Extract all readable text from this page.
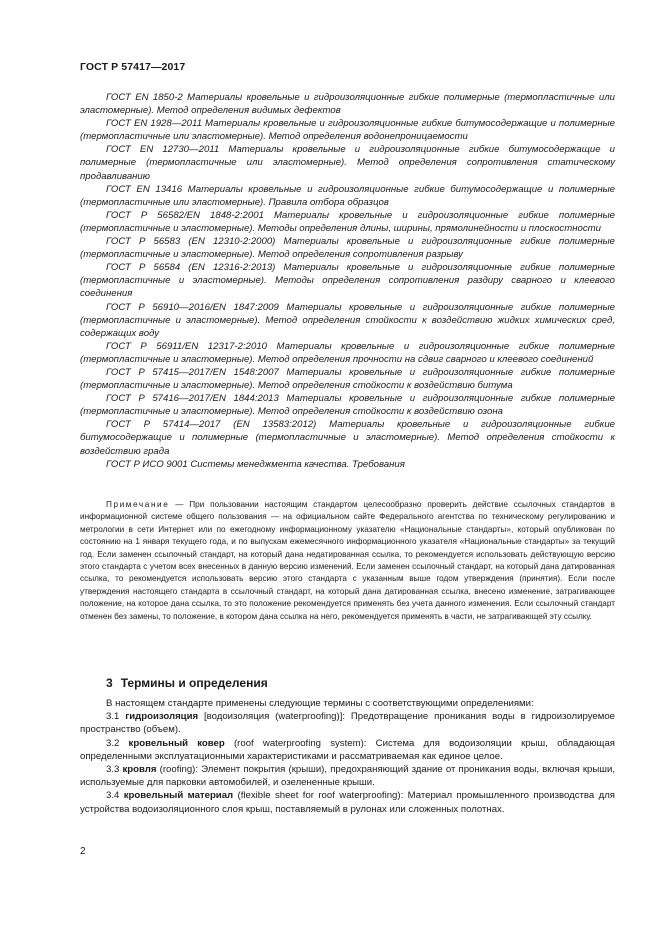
ГОСТ Р 57417—2017

ГОСТ EN 1850-2 Материалы кровельные и гидроизоляционные гибкие полимерные (термопластичные или эластомерные). Метод определения видимых дефектов

ГОСТ EN 1928—2011 Материалы кровельные и гидроизоляционные гибкие битумосодержащие и полимерные (термопластичные или эластомерные). Метод определения водонепроницаемости

ГОСТ EN 12730—2011 Материалы кровельные и гидроизоляционные гибкие битумосодержащие и полимерные (термопластичные или эластомерные). Метод определения сопротивления статическому продавливанию

ГОСТ EN 13416 Материалы кровельные и гидроизоляционные гибкие битумосодержащие и полимерные (термопластичные или эластомерные). Правила отбора образцов

ГОСТ Р 56582/EN 1848-2:2001 Материалы кровельные и гидроизоляционные гибкие полимерные (термопластичные и эластомерные). Методы определения длины, ширины, прямолинейности и плоскостности

ГОСТ Р 56583 (EN 12310-2:2000) Материалы кровельные и гидроизоляционные гибкие полимерные (термопластичные и эластомерные). Метод определения сопротивления разрыву

ГОСТ Р 56584 (EN 12316-2:2013) Материалы кровельные и гидроизоляционные гибкие полимерные (термопластичные и эластомерные). Методы определения сопротивления раздиру сварного и клеевого соединения

ГОСТ Р 56910—2016/EN 1847:2009 Материалы кровельные и гидроизоляционные гибкие полимерные (термопластичные и эластомерные). Метод определения стойкости к воздействию жидких химических сред, содержащих воду

ГОСТ Р 56911/EN 12317-2:2010 Материалы кровельные и гидроизоляционные гибкие полимерные (термопластичные и эластомерные). Метод определения прочности на сдвиг сварного и клеевого соединений

ГОСТ Р 57415—2017/EN 1548:2007 Материалы кровельные и гидроизоляционные гибкие полимерные (термопластичные и эластомерные). Метод определения стойкости к воздействию битума

ГОСТ Р 57416—2017/EN 1844:2013 Материалы кровельные и гидроизоляционные гибкие полимерные (термопластичные и эластомерные). Метод определения стойкости к воздействию озона

ГОСТ Р 57414—2017 (EN 13583:2012) Материалы кровельные и гидроизоляционные гибкие битумосодержащие и полимерные (термопластичные и эластомерные). Метод определения стойкости к воздействию града

ГОСТ Р ИСО 9001 Системы менеджмента качества. Требования

Примечание — При пользовании настоящим стандартом целесообразно проверить действие ссылочных стандартов в информационной системе общего пользования — на официальном сайте Федерального агентства по техническому регулированию и метрологии в сети Интернет или по ежегодному информационному указателю «Национальные стандарты», который опубликован по состоянию на 1 января текущего года, и по выпускам ежемесячного информационного указателя «Национальные стандарты» за текущий год. Если заменен ссылочный стандарт, на который дана недатированная ссылка, то рекомендуется использовать действующую версию этого стандарта с учетом всех внесенных в данную версию изменений. Если заменен ссылочный стандарт, на который дана датированная ссылка, то рекомендуется использовать версию этого стандарта с указанным выше годом утверждения (принятия). Если после утверждения настоящего стандарта в ссылочный стандарт, на который дана датированная ссылка, внесено изменение, затрагивающее положение, на которое дана ссылка, то это положение рекомендуется применять без учета данного изменения. Если ссылочный стандарт отменен без замены, то положение, в котором дана ссылка на него, рекомендуется применять в части, не затрагивающей эту ссылку.

3 Термины и определения

В настоящем стандарте применены следующие термины с соответствующими определениями:

3.1 гидроизоляция [водоизоляция (waterproofing)]: Предотвращение проникания воды в гидроизолируемое пространство (объем).

3.2 кровельный ковер (roof waterproofing system): Система для водоизоляции крыш, обладающая определенными эксплуатационными характеристиками и рассматриваемая как единое целое.

3.3 кровля (roofing): Элемент покрытия (крыши), предохраняющий здание от проникания воды, включая крыши, используемые для парковки автомобилей, и озелененные крыши.

3.4 кровельный материал (flexible sheet for roof waterproofing): Материал промышленного производства для устройства водоизоляционного слоя крыш, поставляемый в рулонах или сложенных полотнах.

2
